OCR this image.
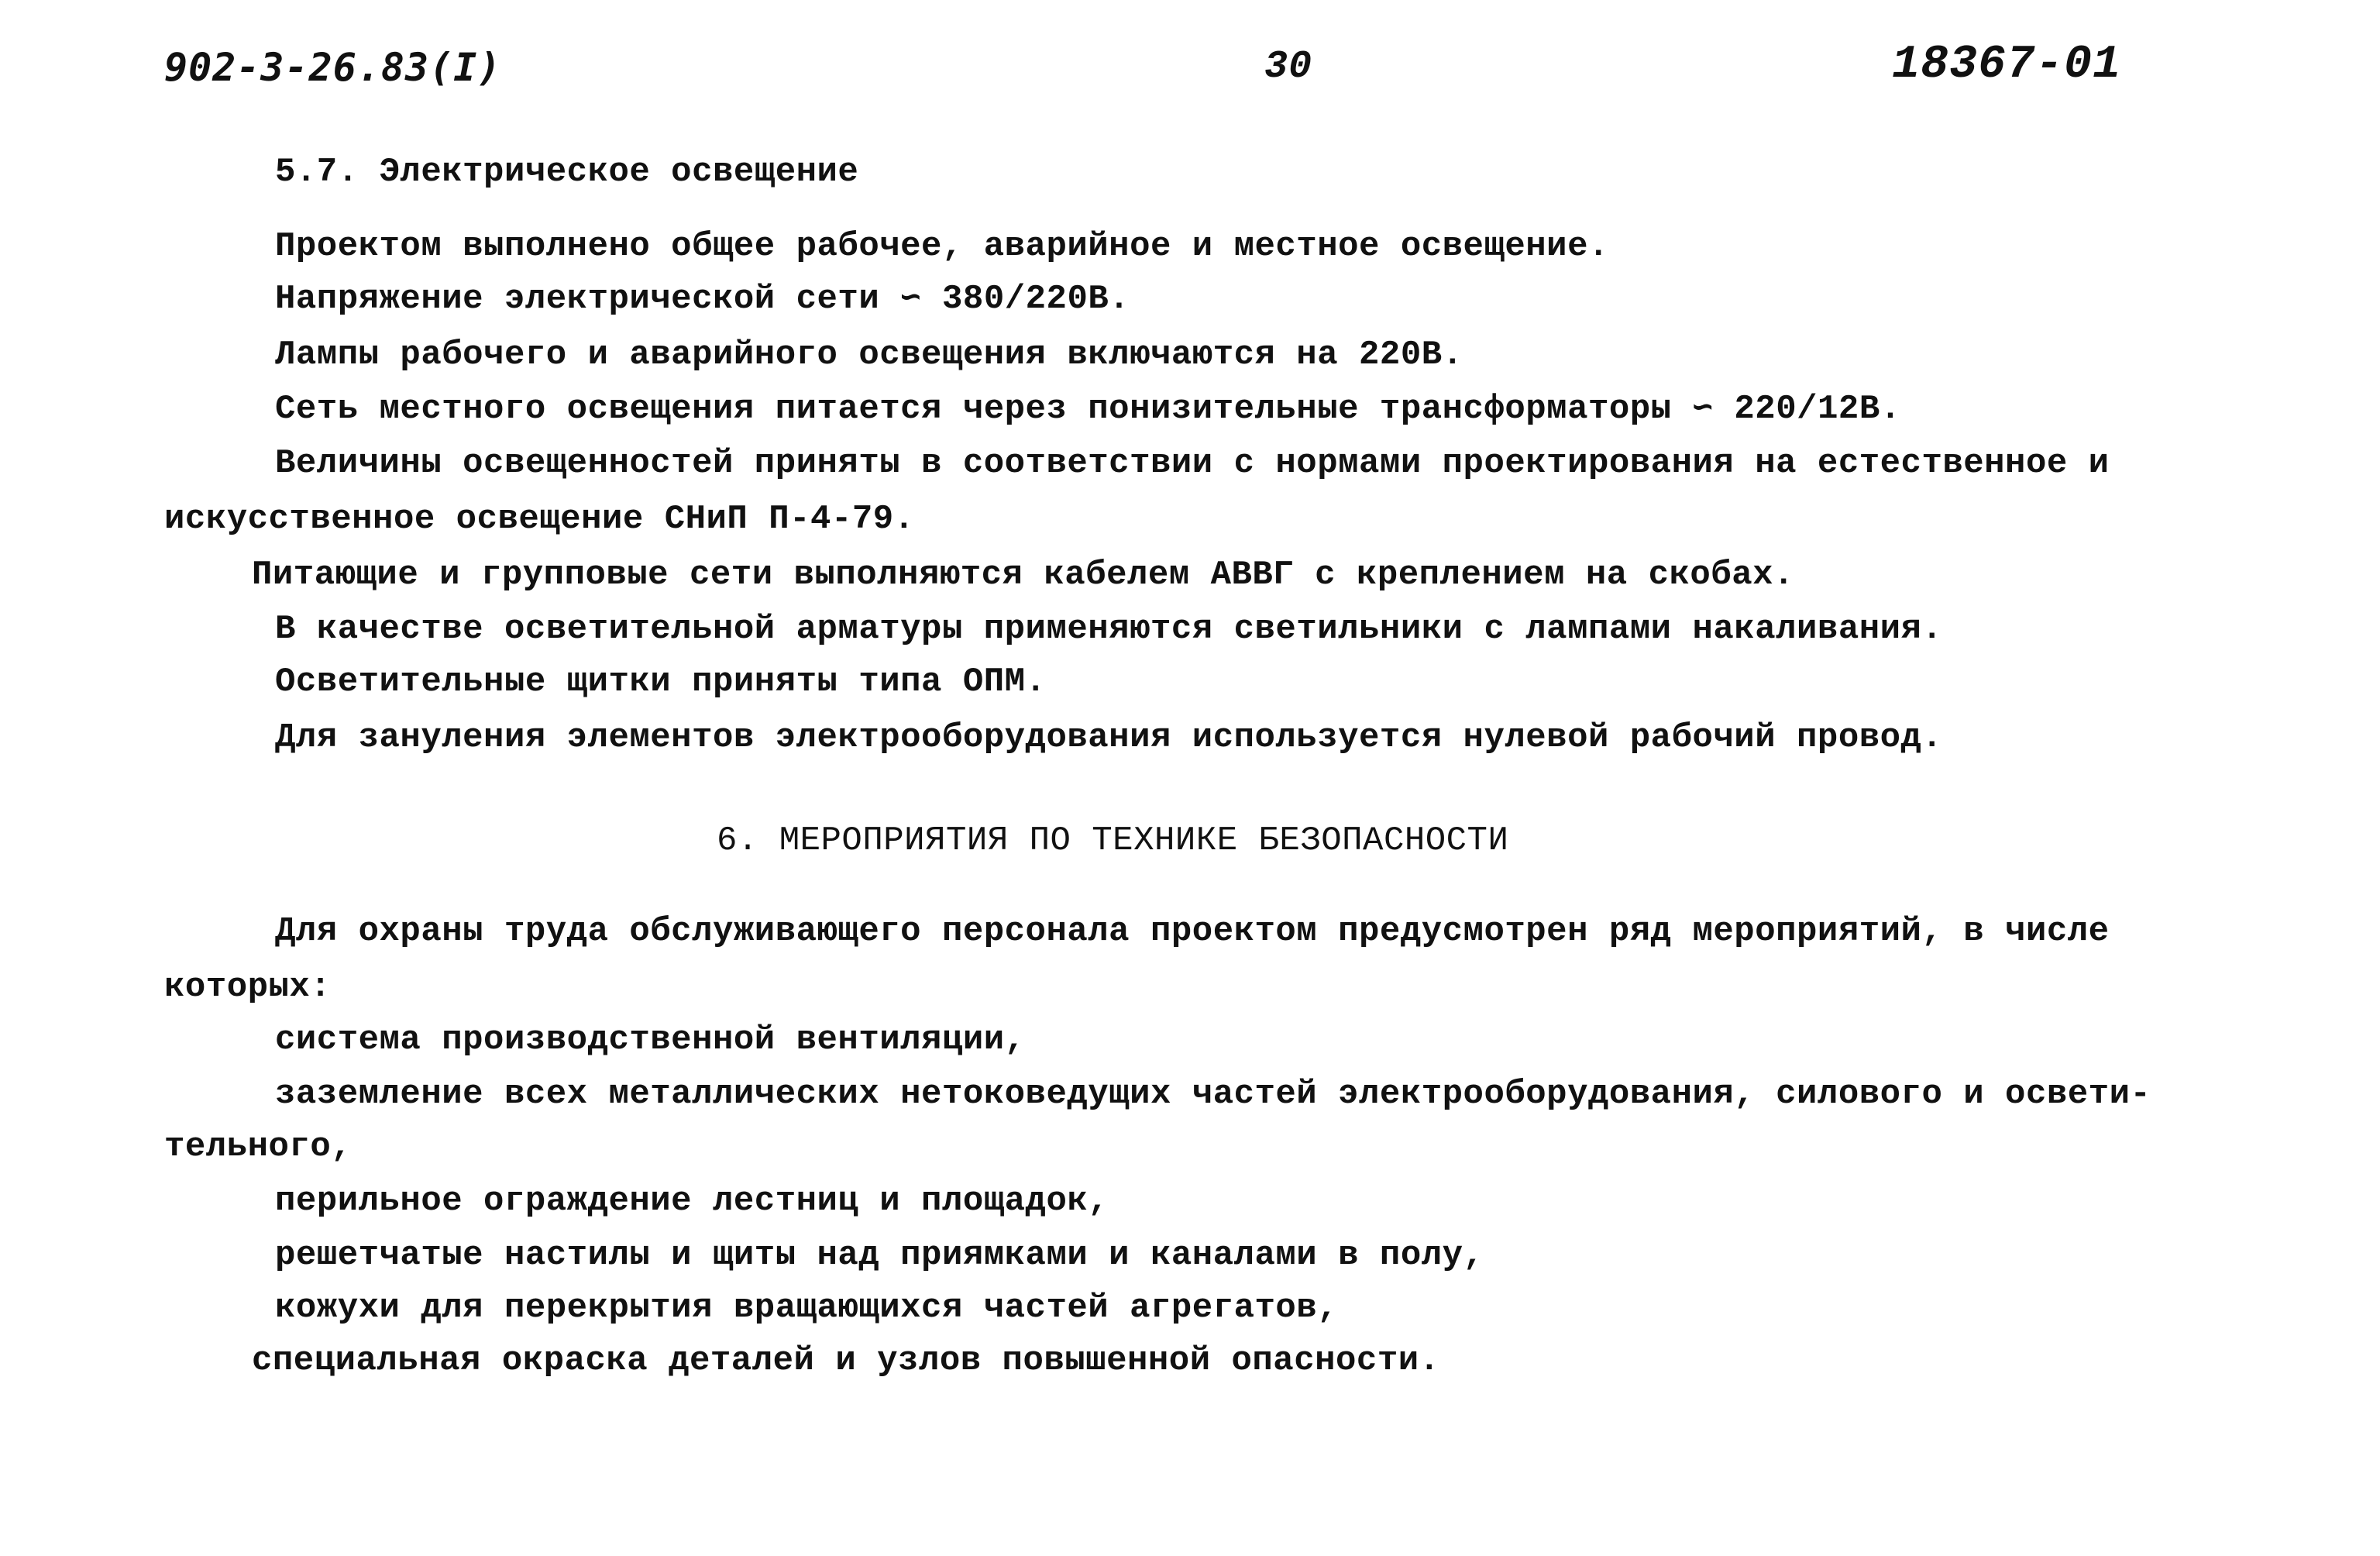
902-3-26.83(I)	30	18367-01
5.7. Электрическое освещение
Проектом выполнено общее рабочее, аварийное и местное освещение.
Напряжение электрической сети ∽ 380/220В.
Лампы рабочего и аварийного освещения включаются на 220В.
Сеть местного освещения питается через понизительные трансформаторы ∽ 220/12В.
Величины освещенностей приняты в соответствии с нормами проектирования на естественное и
искусственное освещение СНиП П-4-79.
Питающие и групповые сети выполняются кабелем АВВГ с креплением на скобах.
В качестве осветительной арматуры применяются светильники с лампами накаливания.
Осветительные щитки приняты типа ОПМ.
Для зануления элементов электрооборудования используется нулевой рабочий провод.
6. МЕРОПРИЯТИЯ ПО ТЕХНИКЕ БЕЗОПАСНОСТИ
Для охраны труда обслуживающего персонала проектом предусмотрен ряд мероприятий, в числе
которых:
система производственной вентиляции,
заземление всех металлических нетоковедущих частей электрооборудования, силового и освети-
тельного,
перильное ограждение лестниц и площадок,
решетчатые настилы и щиты над приямками и каналами в полу,
кожухи для перекрытия вращающихся частей агрегатов,
специальная окраска деталей и узлов повышенной опасности.
